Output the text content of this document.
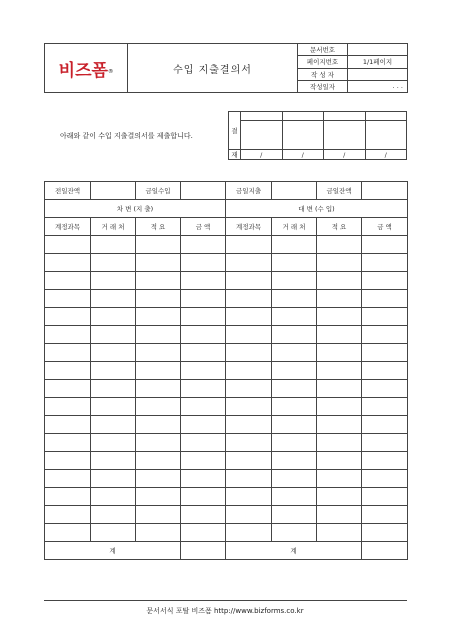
비즈폼®	수입 지출결의서	문서번호	
		페이지번호	1/1페이지
		작 성 자	
		작성일자	. . .
아래와 같이 수입 지출결의서를 제출합니다.
결				

재	/	/	/	/
전일잔액		금일수입		금일지출		금일잔액	
차 변 (지 출)				대 변 (수 입)			
계정과목	거 래 처	적 요	금 액	계정과목	거 래 처	적 요	금 액

계				계			
문서서식 포탈 비즈폼 http://www.bizforms.co.kr
